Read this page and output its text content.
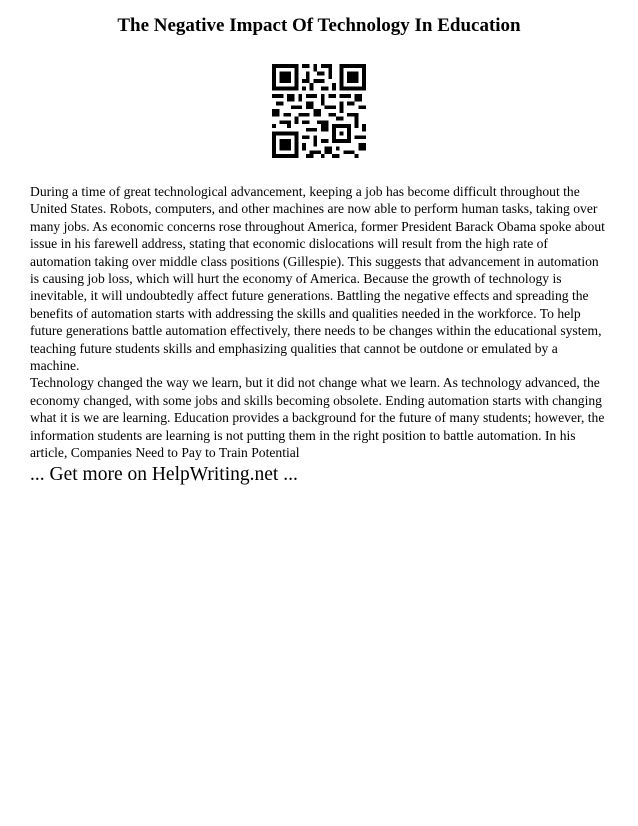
The Negative Impact Of Technology In Education

During a time of great technological advancement, keeping a job has become difficult throughout the United States. Robots, computers, and other machines are now able to perform human tasks, taking over many jobs. As economic concerns rose throughout America, former President Barack Obama spoke about issue in his farewell address, stating that economic dislocations will result from the high rate of automation taking over middle class positions (Gillespie). This suggests that advancement in automation is causing job loss, which will hurt the economy of America. Because the growth of technology is inevitable, it will undoubtedly affect future generations. Battling the negative effects and spreading the benefits of automation starts with addressing the skills and qualities needed in the workforce. To help future generations battle automation effectively, there needs to be changes within the educational system, teaching future students skills and emphasizing qualities that cannot be outdone or emulated by a machine.

Technology changed the way we learn, but it did not change what we learn. As technology advanced, the economy changed, with some jobs and skills becoming obsolete. Ending automation starts with changing what it is we are learning. Education provides a background for the future of many students; however, the information students are learning is not putting them in the right position to battle automation. In his article, Companies Need to Pay to Train Potential

... Get more on HelpWriting.net ...
